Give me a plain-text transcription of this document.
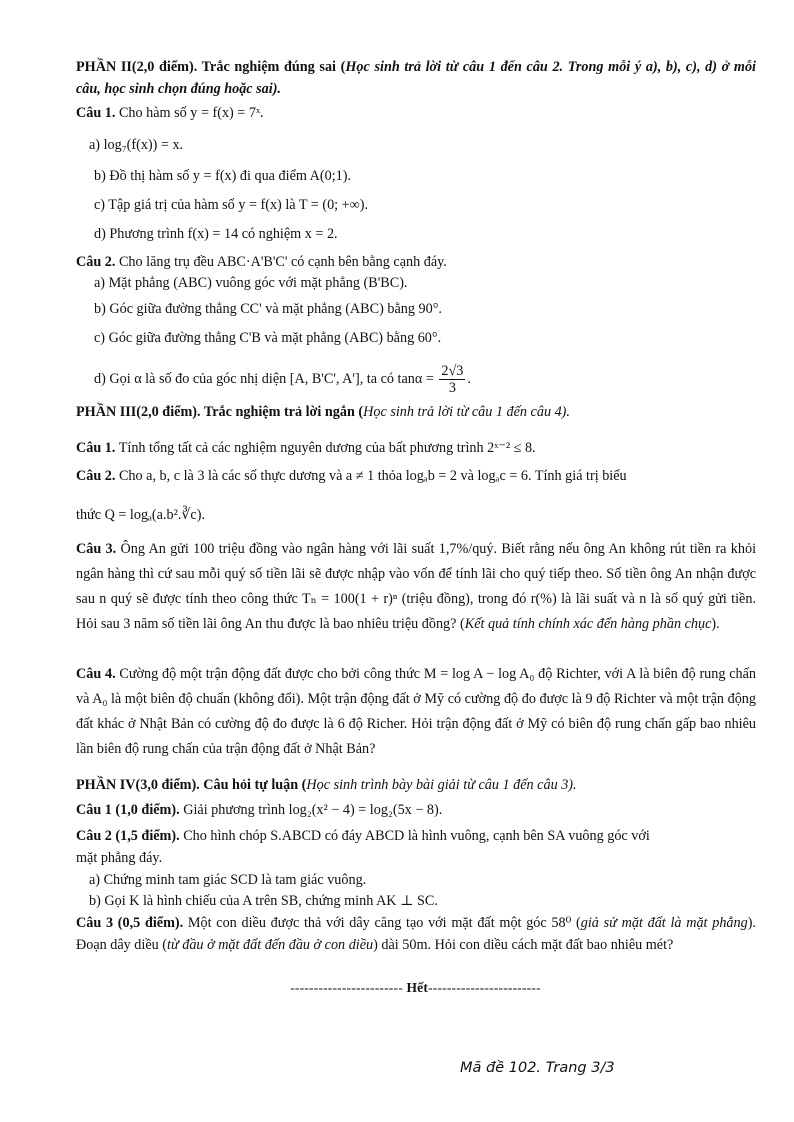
PHẦN II(2,0 điểm). Trắc nghiệm đúng sai (Học sinh trả lời từ câu 1 đến câu 2. Trong mỗi ý a), b), c), d) ở mỗi câu, học sinh chọn đúng hoặc sai).
Câu 1. Cho hàm số y = f(x) = 7ˣ.
a) log₇(f(x)) = x.
b) Đồ thị hàm số y = f(x) đi qua điểm A(0;1).
c) Tập giá trị của hàm số y = f(x) là T = (0; +∞).
d) Phương trình f(x) = 14 có nghiệm x = 2.
Câu 2. Cho lăng trụ đều ABC·A'B'C' có cạnh bên bằng cạnh đáy.
a) Mặt phẳng (ABC) vuông góc với mặt phẳng (B'BC).
b) Góc giữa đường thẳng CC' và mặt phẳng (ABC) bằng 90°.
c) Góc giữa đường thẳng C'B và mặt phẳng (ABC) bằng 60°.
d) Gọi α là số đo của góc nhị diện [A, B'C', A'], ta có $\tan\alpha = \frac{2√3}{3}$ .
PHẦN III(2,0 điểm). Trắc nghiệm trả lời ngắn (Học sinh trả lời từ câu 1 đến câu 4).
Câu 1. Tính tổng tất cả các nghiệm nguyên dương của bất phương trình 2ˣ⁻² ≤ 8.
Câu 2. Cho a, b, c là 3 là các số thực dương và a ≠ 1 thỏa logₐb = 2 và logₐc = 6. Tính giá trị biểu
thức Q = logₐ(a.b².∛c).
Câu 3. Ông An gửi 100 triệu đồng vào ngân hàng với lãi suất 1,7%/quý. Biết rằng nếu ông An không rút tiền ra khỏi ngân hàng thì cứ sau mỗi quý số tiền lãi sẽ được nhập vào vốn để tính lãi cho quý tiếp theo. Số tiền ông An nhận được sau n quý sẽ được tính theo công thức Tₙ = 100(1 + r)ⁿ (triệu đồng), trong đó r(%) là lãi suất và n là số quý gửi tiền. Hỏi sau 3 năm số tiền lãi ông An thu được là bao nhiêu triệu đồng? (Kết quả tính chính xác đến hàng phần chục).
Câu 4. Cường độ một trận động đất được cho bởi công thức M = log A − log A₀ độ Richter, với A là biên độ rung chấn và A₀ là một biên độ chuẩn (không đổi). Một trận động đất ở Mỹ có cường độ đo được là 9 độ Richter và một trận động đất khác ở Nhật Bản có cường độ đo được là 6 độ Richer. Hỏi trận động đất ở Mỹ có biên độ rung chấn gấp bao nhiêu lần biên độ rung chấn của trận động đất ở Nhật Bản?
PHẦN IV(3,0 điểm). Câu hỏi tự luận (Học sinh trình bày bài giải từ câu 1 đến câu 3).
Câu 1 (1,0 điểm). Giải phương trình log₂(x² − 4) = log₂(5x − 8).
Câu 2 (1,5 điểm). Cho hình chóp S.ABCD có đáy ABCD là hình vuông, cạnh bên SA vuông góc với
mặt phẳng đáy.
a) Chứng minh tam giác SCD là tam giác vuông.
b) Gọi K là hình chiếu của A trên SB, chứng minh AK ⊥ SC.
Câu 3 (0,5 điểm). Một con diều được thả với dây căng tạo với mặt đất một góc 58⁰ (giả sử mặt đất là mặt phẳng). Đoạn dây diều (từ đầu ở mặt đất đến đầu ở con diều) dài 50m. Hỏi con diều cách mặt đất bao nhiêu mét?
------------------------ Hết------------------------
Mã đề 102. Trang 3/3
